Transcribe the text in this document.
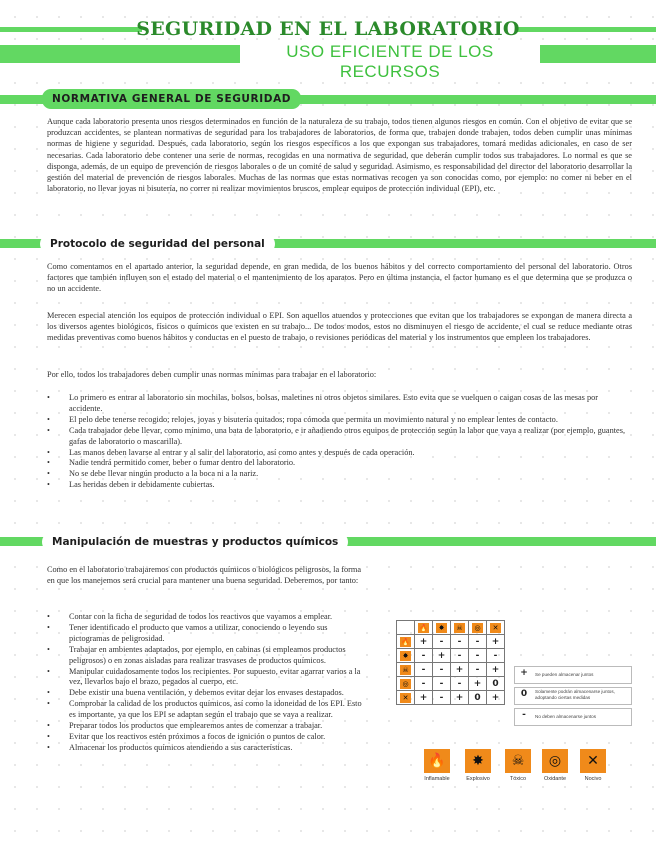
SEGURIDAD EN EL LABORATORIO
USO EFICIENTE DE LOS RECURSOS
NORMATIVA GENERAL DE SEGURIDAD

Aunque cada laboratorio presenta unos riesgos determinados en función de la naturaleza de su trabajo, todos tienen algunos riesgos en común. Con el objetivo de evitar que se produzcan accidentes, se plantean normativas de seguridad para los trabajadores de laboratorios, de forma que, trabajen donde trabajen, todos deben cumplir unas mínimas normas de higiene y seguridad. Después, cada laboratorio, según los riesgos específicos a los que expongan sus trabajadores, tomará medidas adicionales, en caso de ser necesarias. Cada laboratorio debe contener una serie de normas, recogidas en una normativa de seguridad, que deberán cumplir todos sus trabajadores. Lo normal es que se disponga, además, de un equipo de prevención de riesgos laborales o de un comité de salud y seguridad. Asimismo, es responsabilidad del director del laboratorio desarrollar la gestión del material de prevención de riesgos laborales. Muchas de las normas que estas normativas recogen ya son conocidas como, por ejemplo: no comer ni beber en el laboratorio, no llevar joyas ni bisutería, no correr ni realizar movimientos bruscos, emplear equipos de protección individual (EPI), etc.

Protocolo de seguridad del personal

Como comentamos en el apartado anterior, la seguridad depende, en gran medida, de los buenos hábitos y del correcto comportamiento del personal del laboratorio. Otros factores que también influyen son el estado del material o el mantenimiento de los aparatos. Pero en última instancia, el factor humano es el que determina que se produzca o no un accidente.

Merecen especial atención los equipos de protección individual o EPI. Son aquellos atuendos y protecciones que evitan que los trabajadores se expongan de manera directa a los diversos agentes biológicos, físicos o químicos que existen en su trabajo... De todos modos, estos no disminuyen el riesgo de accidente, el cual se reduce mediante otras medidas preventivas como buenos hábitos y conductas en el puesto de trabajo, o revisiones periódicas del material y los instrumentos que empleen los trabajadores.

Por ello, todos los trabajadores deben cumplir unas normas mínimas para trabajar en el laboratorio:

• Lo primero es entrar al laboratorio sin mochilas, bolsos, bolsas, maletines ni otros objetos similares. Esto evita que se vuelquen o caigan cosas de las mesas por accidente.
• El pelo debe tenerse recogido; relojes, joyas y bisutería quitados; ropa cómoda que permita un movimiento natural y no emplear lentes de contacto.
• Cada trabajador debe llevar, como mínimo, una bata de laboratorio, e ir añadiendo otros equipos de protección según la labor que vaya a realizar (por ejemplo, guantes, gafas de laboratorio o mascarilla).
• Las manos deben lavarse al entrar y al salir del laboratorio, así como antes y después de cada operación.
• Nadie tendrá permitido comer, beber o fumar dentro del laboratorio.
• No se debe llevar ningún producto a la boca ni a la nariz.
• Las heridas deben ir debidamente cubiertas.
Manipulación de muestras y productos químicos

Como en el laboratorio trabajaremos con productos químicos o biológicos peligrosos, la forma en que los manejemos será crucial para mantener una buena seguridad. Deberemos, por tanto:

• Contar con la ficha de seguridad de todos los reactivos que vayamos a emplear.
• Tener identificado el producto que vamos a utilizar, conociendo o leyendo sus pictogramas de peligrosidad.
• Trabajar en ambientes adaptados, por ejemplo, en cabinas (si empleamos productos peligrosos) o en zonas aisladas para realizar trasvases de productos químicos.
• Manipular cuidadosamente todos los recipientes. Por supuesto, evitar agarrar varios a la vez, llevarlos bajo el brazo, pegados al cuerpo, etc.
• Debe existir una buena ventilación, y debemos evitar dejar los envases destapados.
• Comprobar la calidad de los productos químicos, así como la idoneidad de los EPI. Esto es importante, ya que los EPI se adaptan según el trabajo que se vaya a realizar.
• Preparar todos los productos que emplearemos antes de comenzar a trabajar.
• Evitar que los reactivos estén próximos a focos de ignición o puntos de calor.
• Almacenar los productos químicos atendiendo a sus características.
	🔥	✸	☠	◎	✕
🔥	+	-	-	-	+
✸	-	+	-	-	-
☠	-	-	+	-	+
◎	-	-	-	+	0
✕	+	-	+	0	+
+ Se pueden almacenar juntos
0	Solamente podrán almacenarse juntos, adoptando ciertas medidas
-	No deben almacenarse juntos
🔥
Inflamable
✸
Explosivo
☠
Tóxico
◎
Oxidante
✕
Nocivo
